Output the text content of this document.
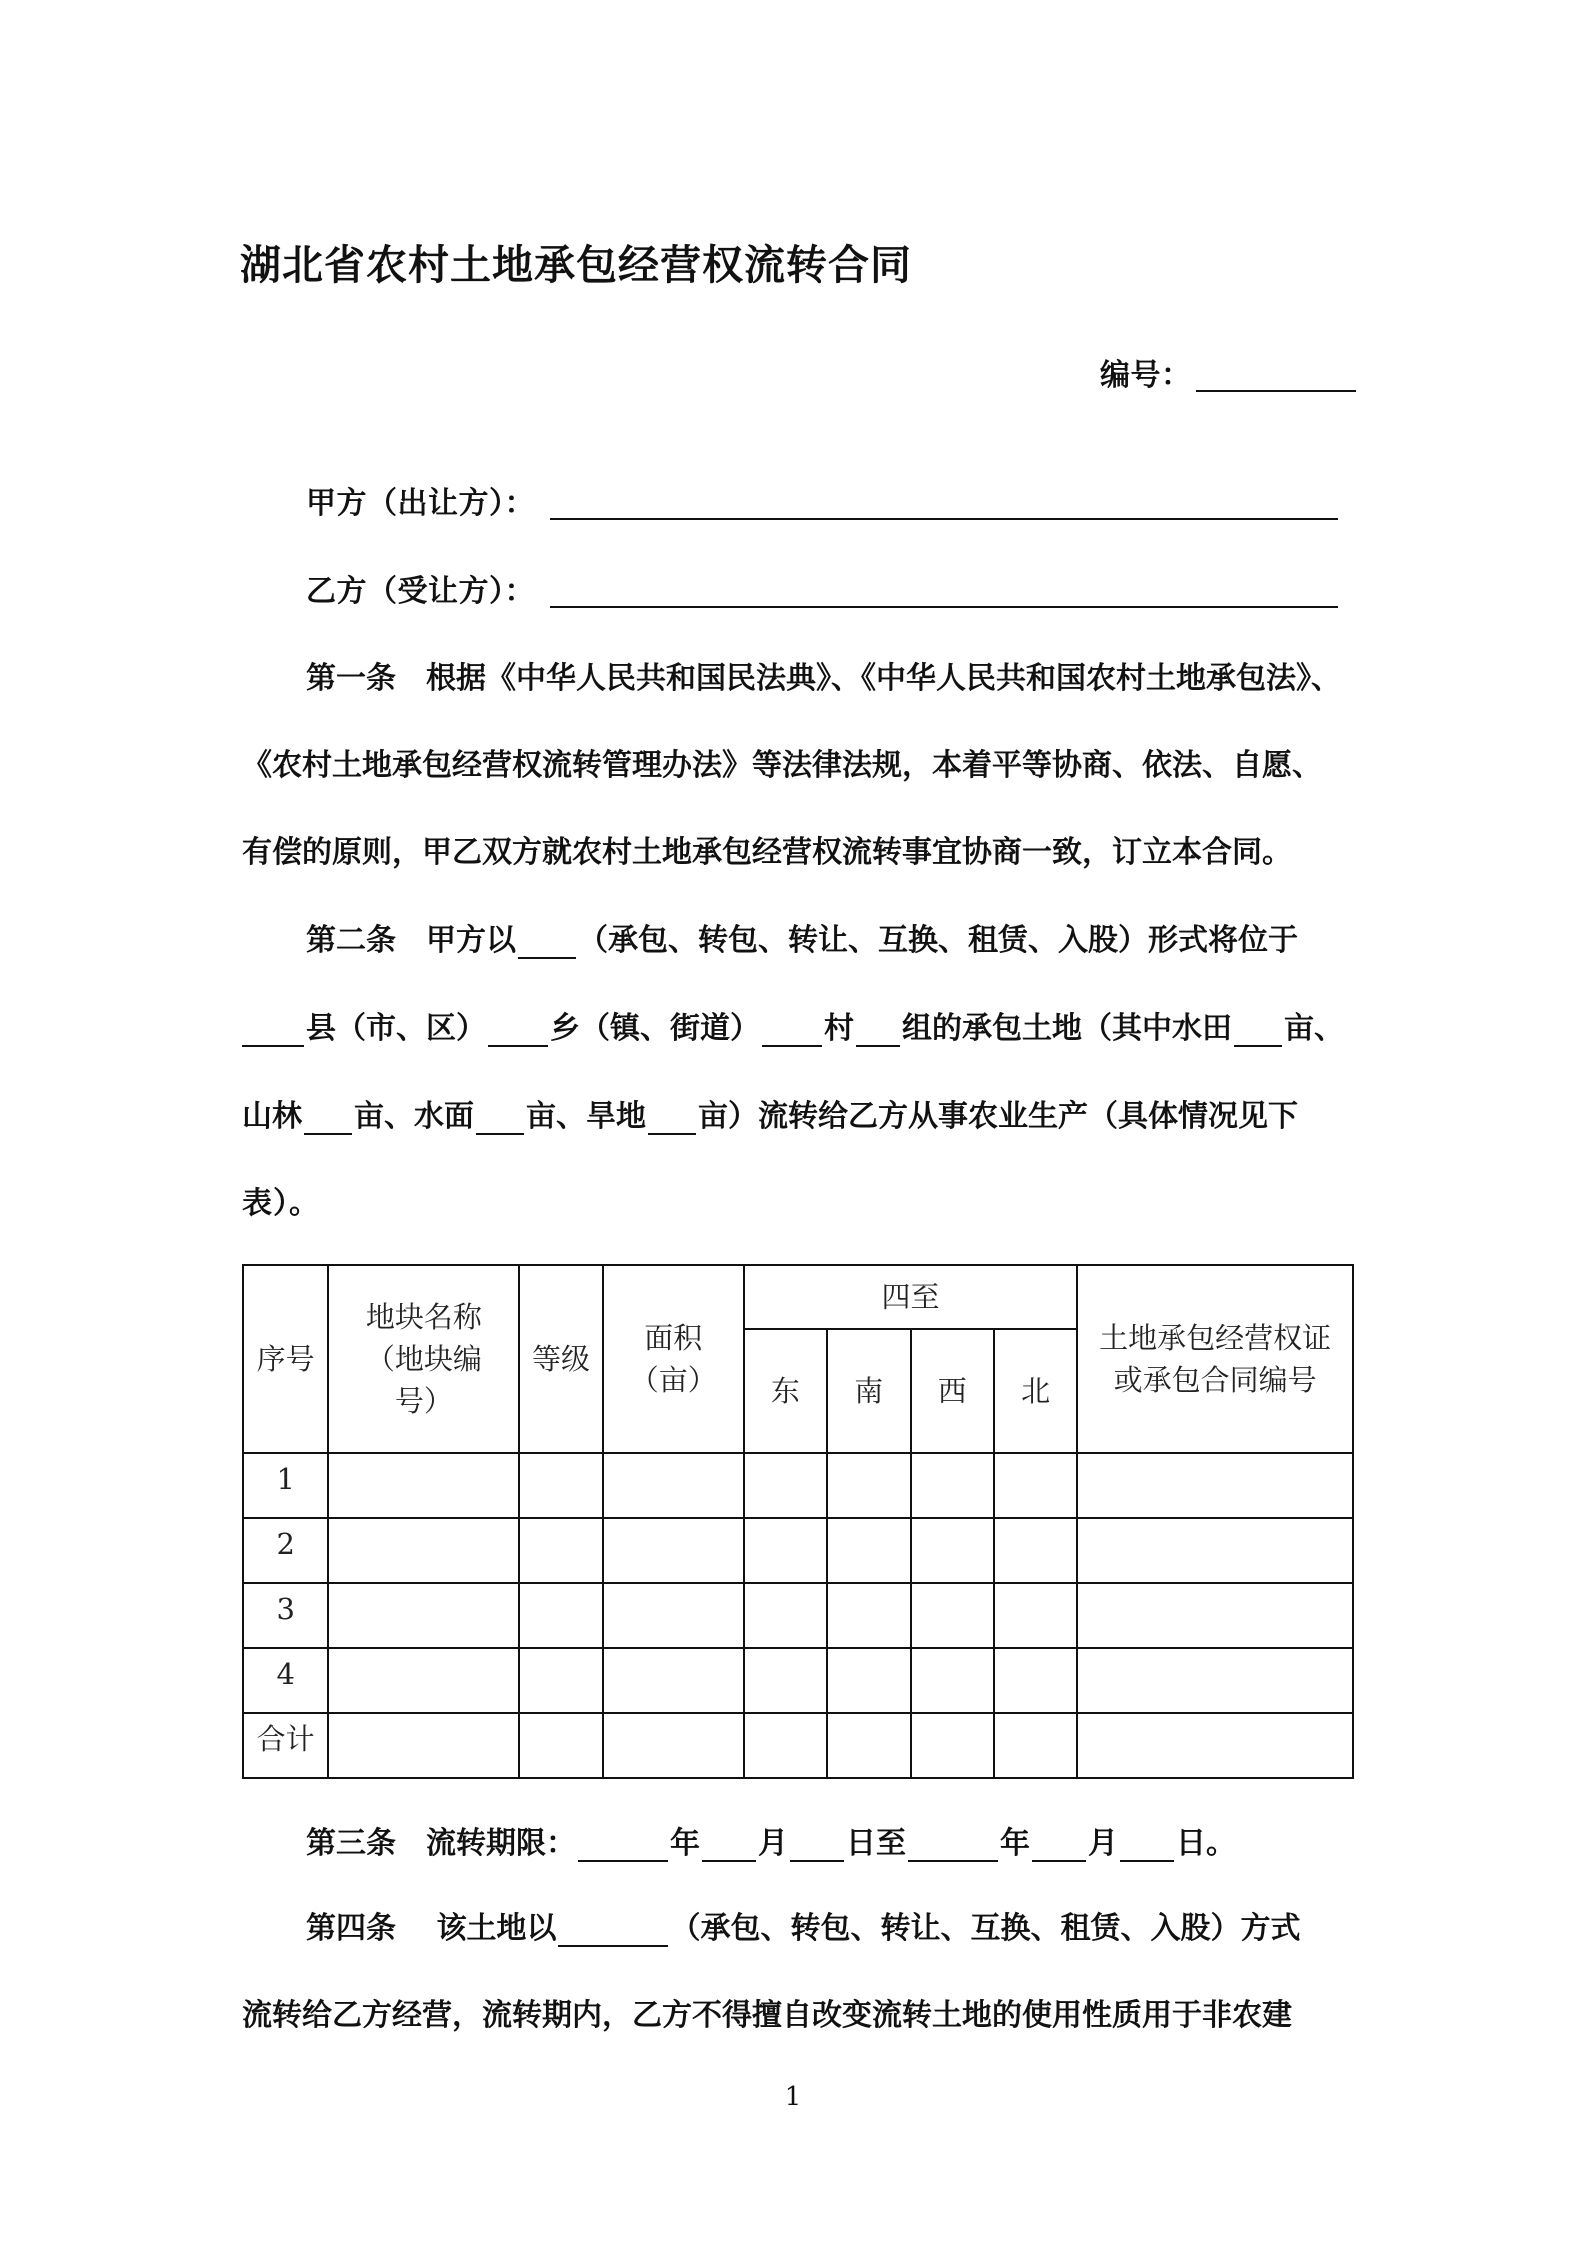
湖北省农村土地承包经营权流转合同
编号：
甲方（出让方）：
乙方（受让方）：
第一条　根据《中华人民共和国民法典》、《中华人民共和国农村土地承包法》、
《农村土地承包经营权流转管理办法》等法律法规，本着平等协商、依法、自愿、
有偿的原则，甲乙双方就农村土地承包经营权流转事宜协商一致，订立本合同。
第二条　甲方以 （承包、转包、转让、互换、租赁、入股）形式将位于
县（市、区） 乡（镇、街道） 村 组的承包土地（其中水田 亩、
山林 亩、水面 亩、旱地 亩）流转给乙方从事农业生产（具体情况见下
表）。
序号	地块名称（地块编号）	等级	面积（亩）	四至				土地承包经营权证或承包合同编号
				东	南	西	北	
1								
2								
3								
4								
合计								
第三条　流转期限：	年 月 日至	年 月 日。
第四条　 该土地以	（承包、转包、转让、互换、租赁、入股）方式
流转给乙方经营，流转期内，乙方不得擅自改变流转土地的使用性质用于非农建
1
